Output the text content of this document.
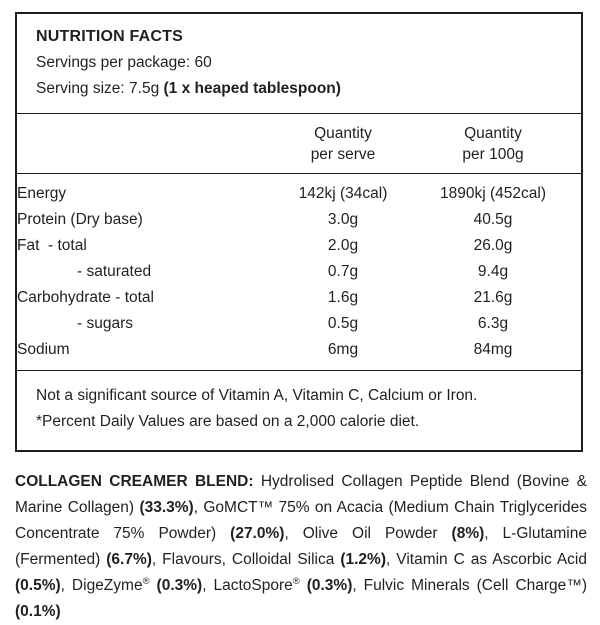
NUTRITION FACTS
Servings per package: 60
Serving size: 7.5g (1 x heaped tablespoon)

Quantity
per serve

Quantity
per 100g

Energy	142kj (34cal)	1890kj (452cal)	
Protein (Dry base)	3.0g	40.5g	
Fat  - total	2.0g	26.0g	
- saturated	0.7g	9.4g	
Carbohydrate - total	1.6g	21.6g	
- sugars	0.5g	6.3g	
Sodium	6mg	84mg	

Not a significant source of Vitamin A, Vitamin C, Calcium or Iron.

*Percent Daily Values are based on a 2,000 calorie diet.

COLLAGEN CREAMER BLEND: Hydrolised Collagen Peptide Blend (Bovine & Marine Collagen) (33.3%), GoMCT™ 75% on Acacia (Medium Chain Triglycerides Concentrate 75% Powder) (27.0%), Olive Oil Powder (8%), L-Glutamine (Fermented) (6.7%), Flavours, Colloidal Silica (1.2%), Vitamin C as Ascorbic Acid (0.5%), DigeZyme® (0.3%), LactoSpore® (0.3%), Fulvic Minerals (Cell Charge™) (0.1%)
